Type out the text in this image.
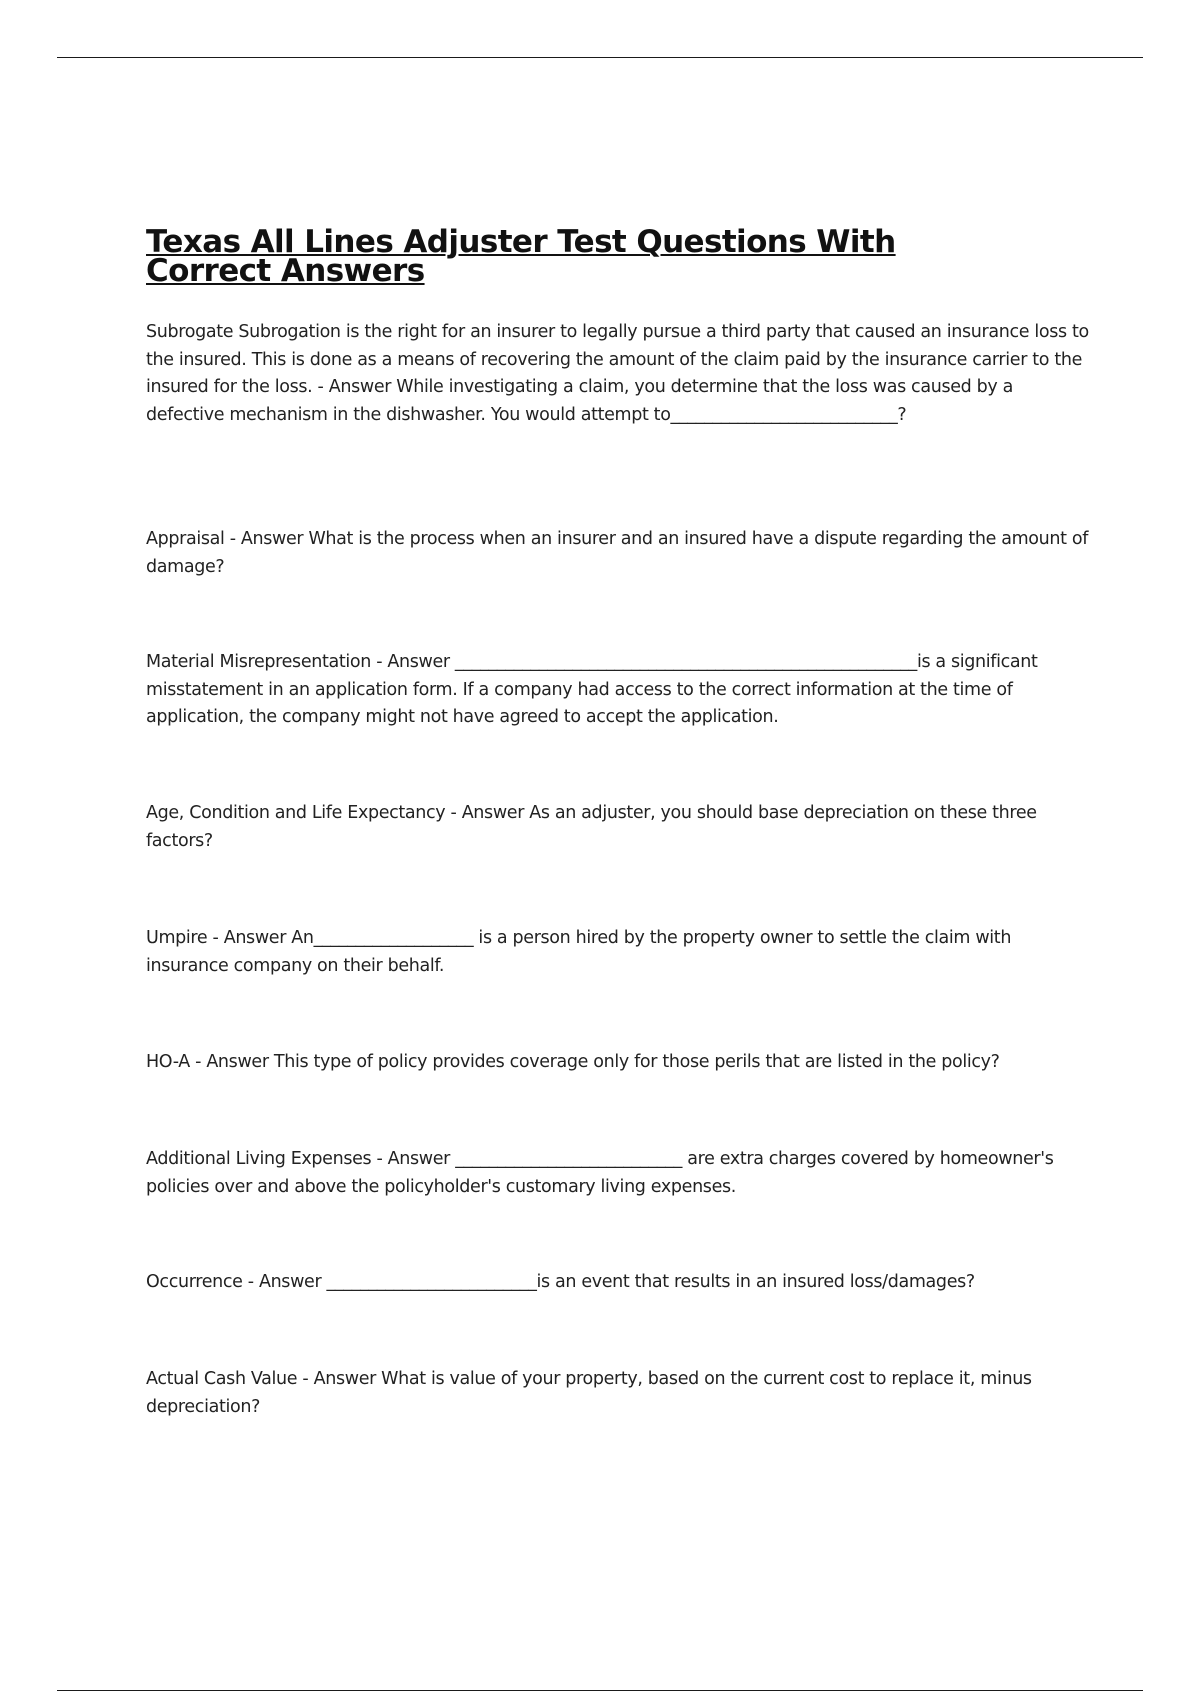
Texas All Lines Adjuster Test Questions With Correct Answers

Subrogate Subrogation is the right for an insurer to legally pursue a third party that caused an insurance loss to the insured. This is done as a means of recovering the amount of the claim paid by the insurance carrier to the insured for the loss. - Answer While investigating a claim, you determine that the loss was caused by a defective mechanism in the dishwasher. You would attempt to___________________________?

Appraisal - Answer What is the process when an insurer and an insured have a dispute regarding the amount of damage?

Material Misrepresentation - Answer _______________________________________________________is a significant misstatement in an application form. If a company had access to the correct information at the time of application, the company might not have agreed to accept the application.

Age, Condition and Life Expectancy - Answer As an adjuster, you should base depreciation on these three factors?

Umpire - Answer An___________________ is a person hired by the property owner to settle the claim with insurance company on their behalf.

HO-A - Answer This type of policy provides coverage only for those perils that are listed in the policy?

Additional Living Expenses - Answer ___________________________ are extra charges covered by homeowner's policies over and above the policyholder's customary living expenses.

Occurrence - Answer _________________________is an event that results in an insured loss/damages?

Actual Cash Value - Answer What is value of your property, based on the current cost to replace it, minus depreciation?
